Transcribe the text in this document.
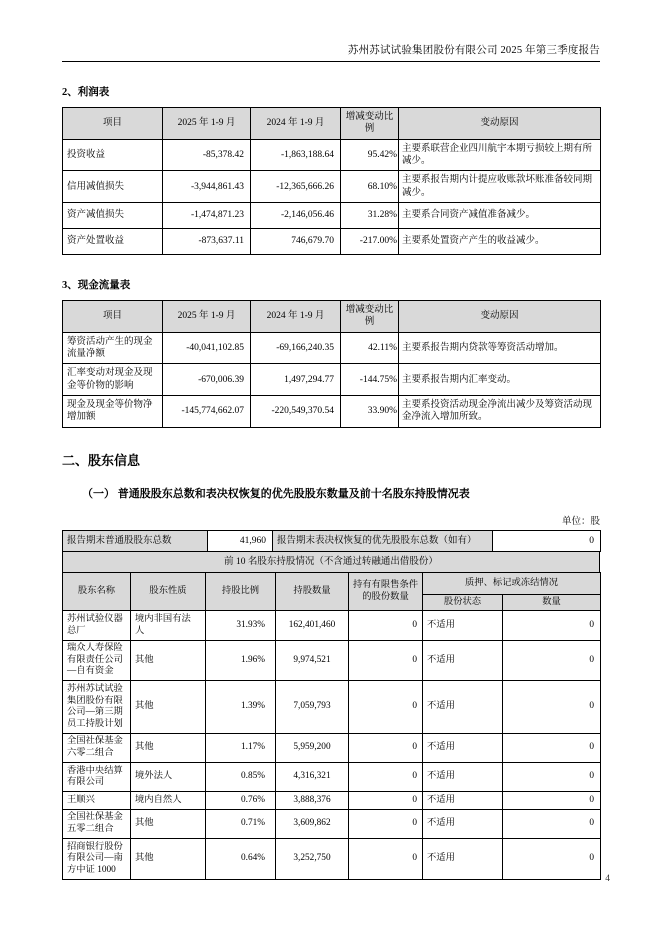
苏州苏试试验集团股份有限公司 2025 年第三季度报告
2、利润表
项目	2025 年 1-9 月	2024 年 1-9 月	增减变动比例	变动原因
投资收益	-85,378.42	-1,863,188.64	95.42%	主要系联营企业四川航宇本期亏损较上期有所减少。
信用减值损失	-3,944,861.43	-12,365,666.26	68.10%	主要系报告期内计提应收账款坏账准备较同期减少。
资产减值损失	-1,474,871.23	-2,146,056.46	31.28%	主要系合同资产减值准备减少。
资产处置收益	-873,637.11	746,679.70	-217.00%	主要系处置资产产生的收益减少。
3、现金流量表
项目	2025 年 1-9 月	2024 年 1-9 月	增减变动比例	变动原因
筹资活动产生的现金流量净额	-40,041,102.85	-69,166,240.35	42.11%	主要系报告期内贷款等筹资活动增加。
汇率变动对现金及现金等价物的影响	-670,006.39	1,497,294.77	-144.75%	主要系报告期内汇率变动。
现金及现金等价物净增加额	-145,774,662.07	-220,549,370.54	33.90%	主要系投资活动现金净流出减少及筹资活动现金净流入增加所致。
二、股东信息
（一） 普通股股东总数和表决权恢复的优先股股东数量及前十名股东持股情况表
单位：股
报告期末普通股股东总数	41,960	报告期末表决权恢复的优先股股东总数（如有）	0
前 10 名股东持股情况（不含通过转融通出借股份）
股东名称	股东性质	持股比例	持股数量	持有有限售条件的股份数量	质押、标记或冻结情况	
					股份状态	数量
苏州试验仪器总厂	境内非国有法人	31.93%	162,401,460	0	不适用	0
瑞众人寿保险有限责任公司—自有资金	其他	1.96%	9,974,521	0	不适用	0
苏州苏试试验集团股份有限公司—第三期员工持股计划	其他	1.39%	7,059,793	0	不适用	0
全国社保基金六零二组合	其他	1.17%	5,959,200	0	不适用	0
香港中央结算有限公司	境外法人	0.85%	4,316,321	0	不适用	0
王顺兴	境内自然人	0.76%	3,888,376	0	不适用	0
全国社保基金五零二组合	其他	0.71%	3,609,862	0	不适用	0
招商银行股份有限公司—南方中证 1000	其他	0.64%	3,252,750	0	不适用	0
4
